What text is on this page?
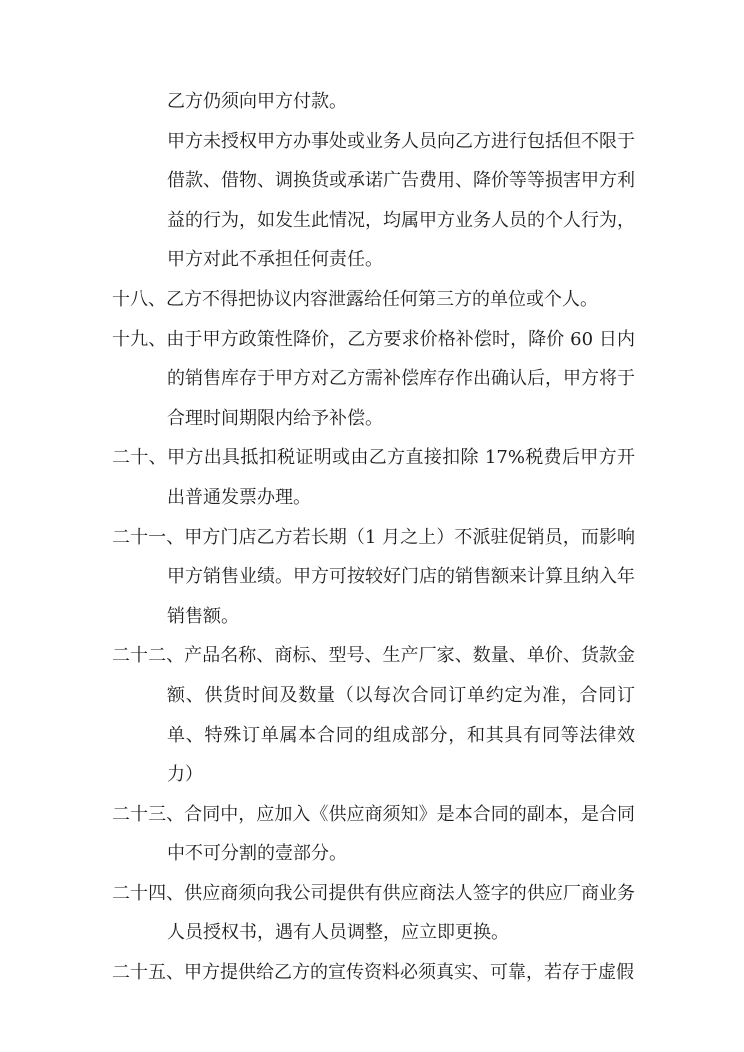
乙方仍须向甲方付款。
甲方未授权甲方办事处或业务人员向乙方进行包括但不限于借款、借物、调换货或承诺广告费用、降价等等损害甲方利益的行为，如发生此情况，均属甲方业务人员的个人行为，甲方对此不承担任何责任。
十八、乙方不得把协议内容泄露给任何第三方的单位或个人。
十九、由于甲方政策性降价，乙方要求价格补偿时，降价 60 日内的销售库存于甲方对乙方需补偿库存作出确认后，甲方将于合理时间期限内给予补偿。
二十、甲方出具抵扣税证明或由乙方直接扣除 17%税费后甲方开出普通发票办理。
二十一、甲方门店乙方若长期（1 月之上）不派驻促销员，而影响甲方销售业绩。甲方可按较好门店的销售额来计算且纳入年销售额。
二十二、产品名称、商标、型号、生产厂家、数量、单价、货款金额、供货时间及数量（以每次合同订单约定为准，合同订单、特殊订单属本合同的组成部分，和其具有同等法律效力）
二十三、合同中，应加入《供应商须知》是本合同的副本，是合同中不可分割的壹部分。
二十四、供应商须向我公司提供有供应商法人签字的供应厂商业务人员授权书，遇有人员调整，应立即更换。
二十五、甲方提供给乙方的宣传资料必须真实、可靠，若存于虚假
